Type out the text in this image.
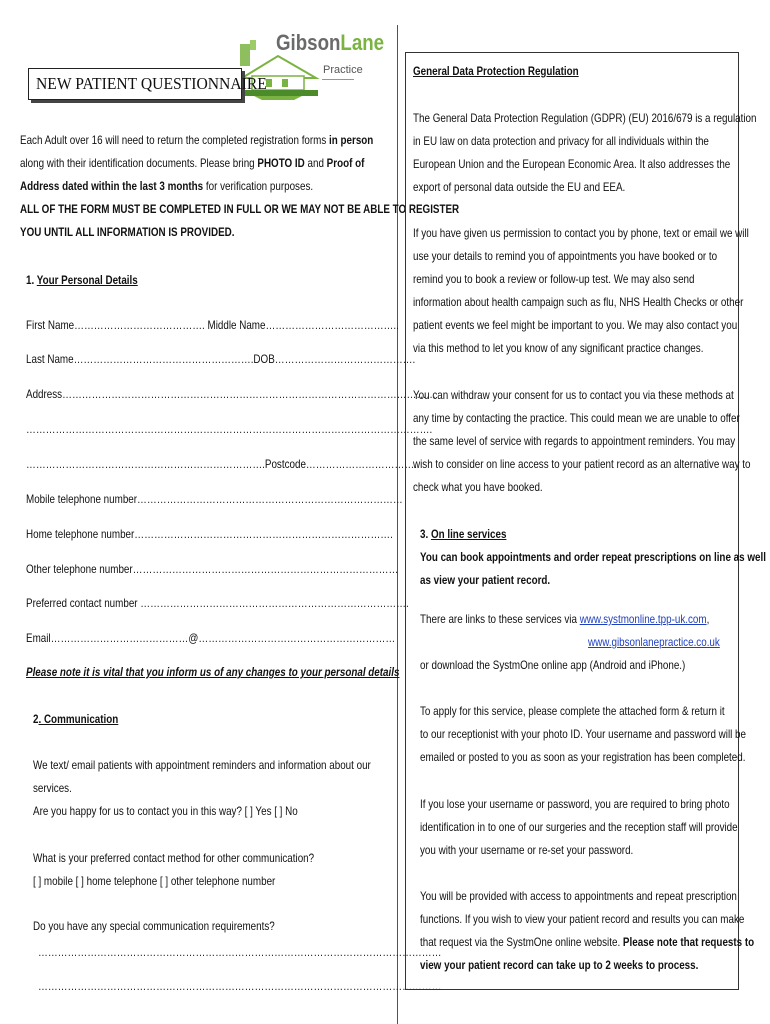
GibsonLane
Practice
NEW PATIENT QUESTIONNAIRE
Each Adult over 16 will need to return the completed registration forms in person
along with their identification documents. Please bring PHOTO ID and Proof of
Address dated within the last 3 months for verification purposes.
ALL OF THE FORM MUST BE COMPLETED IN FULL OR WE MAY NOT BE ABLE TO REGISTER
YOU UNTIL ALL INFORMATION IS PROVIDED.
1. Your Personal Details
First Name…………………………………. Middle Name…………………………………..
Last Name……………………………………………….DOB…………………………………….
Address……………………………………………………………………………………………………
…………………………………………………………………………………………………………….
……………………………………………………………….Postcode…………………………….
Mobile telephone number………………………………………………………………………
Home telephone number…………………………………………………………………….
Other telephone number………………………………………………………………………
Preferred contact number ……………………………………………………………………….
Email……………………………………@……………………………………………………
Please note it is vital that you inform us of any changes to your personal details
2. Communication
We text/ email patients with appointment reminders and information about our
services.
Are you happy for us to contact you in this way? [ ] Yes [ ] No
What is your preferred contact method for other communication?
[ ] mobile [ ] home telephone [ ] other telephone number
Do you have any special communication requirements?
……………………………………………………………………………………………………………
……………………………………………………………………………………………………………
General Data Protection Regulation
The General Data Protection Regulation (GDPR) (EU) 2016/679 is a regulation
in EU law on data protection and privacy for all individuals within the
European Union and the European Economic Area. It also addresses the
export of personal data outside the EU and EEA.
If you have given us permission to contact you by phone, text or email we will
use your details to remind you of appointments you have booked or to
remind you to book a review or follow-up test. We may also send
information about health campaign such as flu, NHS Health Checks or other
patient events we feel might be important to you. We may also contact you
via this method to let you know of any significant practice changes.
You can withdraw your consent for us to contact you via these methods at
any time by contacting the practice. This could mean we are unable to offer
the same level of service with regards to appointment reminders. You may
wish to consider on line access to your patient record as an alternative way to
check what you have booked.
3. On line services
You can book appointments and order repeat prescriptions on line as well
as view your patient record.
There are links to these services via www.systmonline.tpp-uk.com,
www.gibsonlanepractice.co.uk
or download the SystmOne online app (Android and iPhone.)
To apply for this service, please complete the attached form & return it
to our receptionist with your photo ID. Your username and password will be
emailed or posted to you as soon as your registration has been completed.
If you lose your username or password, you are required to bring photo
identification in to one of our surgeries and the reception staff will provide
you with your username or re-set your password.
You will be provided with access to appointments and repeat prescription
functions. If you wish to view your patient record and results you can make
that request via the SystmOne online website. Please note that requests to
view your patient record can take up to 2 weeks to process.
